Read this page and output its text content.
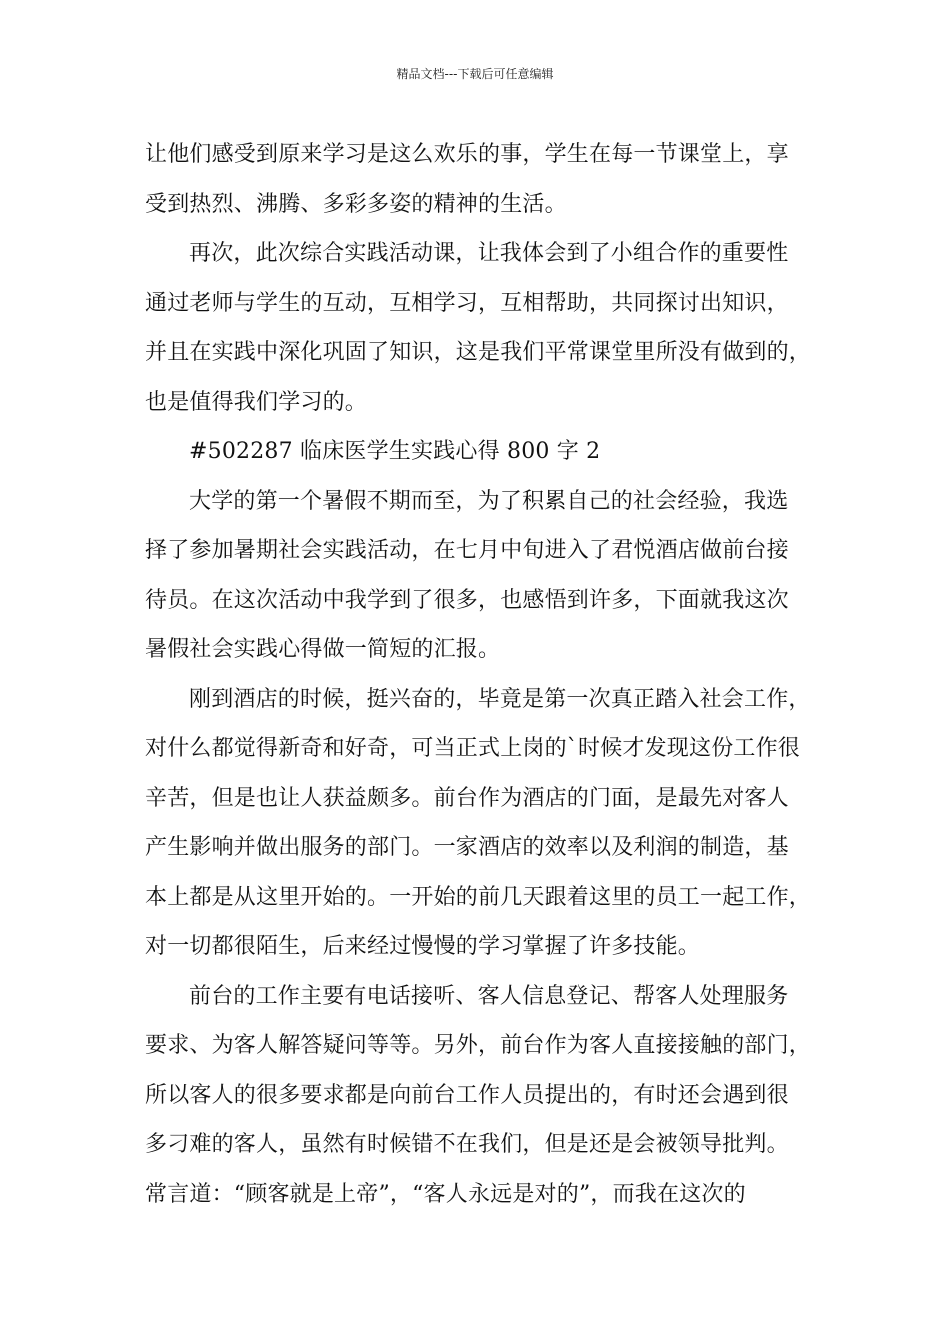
精品文档---下载后可任意编辑
让他们感受到原来学习是这么欢乐的事，学生在每一节课堂上，享
受到热烈、沸腾、多彩多姿的精神的生活。
再次，此次综合实践活动课，让我体会到了小组合作的重要性
通过老师与学生的互动，互相学习，互相帮助，共同探讨出知识，
并且在实践中深化巩固了知识，这是我们平常课堂里所没有做到的，
也是值得我们学习的。
#502287 临床医学生实践心得 800 字 2
大学的第一个暑假不期而至，为了积累自己的社会经验，我选
择了参加暑期社会实践活动，在七月中旬进入了君悦酒店做前台接
待员。在这次活动中我学到了很多，也感悟到许多，下面就我这次
暑假社会实践心得做一简短的汇报。
刚到酒店的时候，挺兴奋的，毕竟是第一次真正踏入社会工作，
对什么都觉得新奇和好奇，可当正式上岗的`时候才发现这份工作很
辛苦，但是也让人获益颇多。前台作为酒店的门面，是最先对客人
产生影响并做出服务的部门。一家酒店的效率以及利润的制造，基
本上都是从这里开始的。一开始的前几天跟着这里的员工一起工作，
对一切都很陌生，后来经过慢慢的学习掌握了许多技能。
前台的工作主要有电话接听、客人信息登记、帮客人处理服务
要求、为客人解答疑问等等。另外，前台作为客人直接接触的部门，
所以客人的很多要求都是向前台工作人员提出的，有时还会遇到很
多刁难的客人，虽然有时候错不在我们，但是还是会被领导批判。
常言道：“顾客就是上帝”，“客人永远是对的”，而我在这次的
